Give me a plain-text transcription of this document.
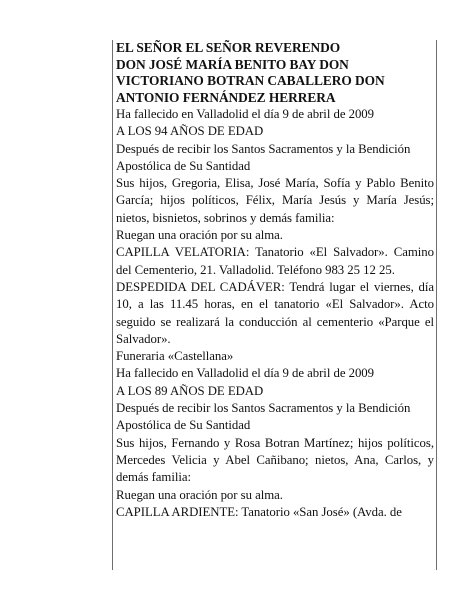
EL SEÑOR EL SEÑOR REVERENDO

DON JOSÉ MARÍA BENITO BAY DON

VICTORIANO BOTRAN CABALLERO DON

ANTONIO FERNÁNDEZ HERRERA

Ha fallecido en Valladolid el día 9 de abril de 2009

A LOS 94 AÑOS DE EDAD

Después de recibir los Santos Sacramentos y la Bendición Apostólica de Su Santidad

Sus hijos, Gregoria, Elisa, José María, Sofía y Pablo Benito García; hijos políticos, Félix, María Jesús y María Jesús; nietos, bisnietos, sobrinos y demás familia:

Ruegan una oración por su alma.

CAPILLA VELATORIA: Tanatorio «El Salvador». Camino del Cementerio, 21. Valladolid. Teléfono 983 25 12 25.

DESPEDIDA DEL CADÁVER: Tendrá lugar el viernes, día 10, a las 11.45 horas, en el tanatorio «El Salvador». Acto seguido se realizará la conducción al cementerio «Parque el Salvador».

Funeraria «Castellana»

Ha fallecido en Valladolid el día 9 de abril de 2009

A LOS 89 AÑOS DE EDAD

Después de recibir los Santos Sacramentos y la Bendición Apostólica de Su Santidad

Sus hijos, Fernando y Rosa Botran Martínez; hijos políticos, Mercedes Velicia y Abel Cañibano; nietos, Ana, Carlos, y demás familia:

Ruegan una oración por su alma.

CAPILLA ARDIENTE: Tanatorio «San José» (Avda. de
